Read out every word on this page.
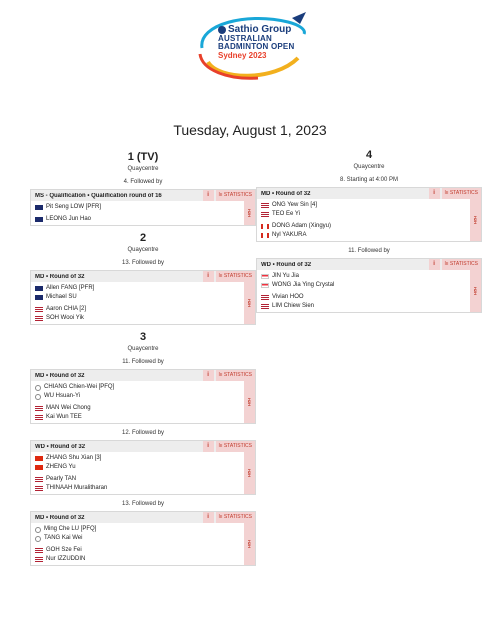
Sathio Group
AUSTRALIAN
BADMINTON OPEN
Sydney 2023
Tuesday, August 1, 2023
1 (TV)
Quaycentre
4. Followed by
MS - Qualification • Qualification round of 16	i	lıı STATISTICS
Pit Seng LOW [PFR]
LEONG Jun Hao
H2H
2
Quaycentre
13. Followed by
MD • Round of 32	i	lıı STATISTICS
Allen FANG [PFR]
Michael SU
Aaron CHIA [2]
SOH Wooi Yik
H2H
3
Quaycentre
11. Followed by
MD • Round of 32	i	lıı STATISTICS
CHIANG Chien-Wei [PFQ]
WU Hsuan-Yi
MAN Wei Chong
Kai Wun TEE
H2H
12. Followed by
WD • Round of 32	i	lıı STATISTICS
ZHANG Shu Xian [3]
ZHENG Yu
Pearly TAN
THINAAH Muralitharan
H2H
13. Followed by
MD • Round of 32	i	lıı STATISTICS
Ming Che LU [PFQ]
TANG Kai Wei
GOH Sze Fei
Nur IZZUDDIN
H2H
4
Quaycentre
8. Starting at 4:00 PM
MD • Round of 32	i	lıı STATISTICS
ONG Yew Sin [4]
TEO Ee Yi
DONG Adam (Xingyu)
Nyl YAKURA
H2H
11. Followed by
WD • Round of 32	i	lıı STATISTICS
JIN Yu Jia
WONG Jia Ying Crystal
Vivian HOO
LIM Chiew Sien
H2H
